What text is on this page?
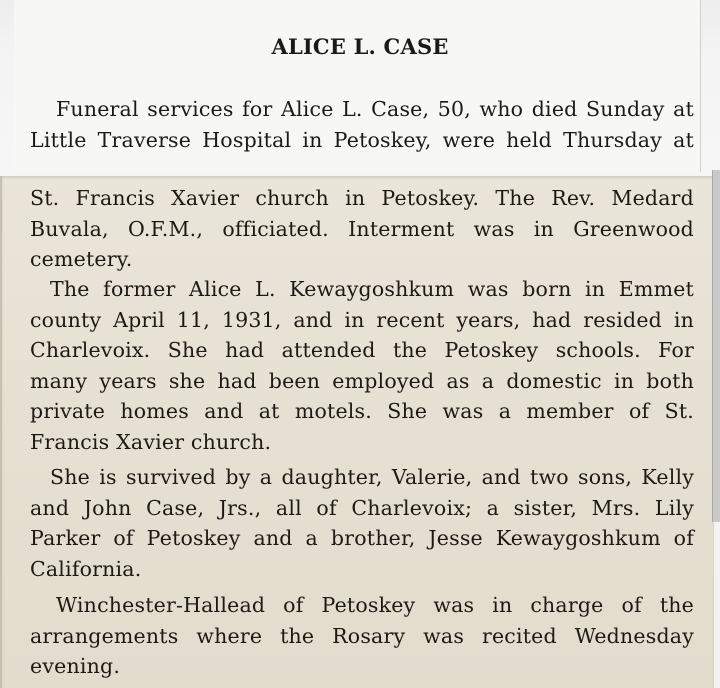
ALICE L. CASE
Funeral services for Alice L. Case, 50, who died Sunday at
Little Traverse Hospital in Petoskey, were held Thursday at
St. Francis Xavier church in Petoskey. The Rev. Medard
Buvala, O.F.M., officiated. Interment was in Greenwood
cemetery.
The former Alice L. Kewaygoshkum was born in Emmet
county April 11, 1931, and in recent years, had resided in
Charlevoix. She had attended the Petoskey schools. For
many years she had been employed as a domestic in both
private homes and at motels. She was a member of St.
Francis Xavier church.
She is survived by a daughter, Valerie, and two sons, Kelly
and John Case, Jrs., all of Charlevoix; a sister, Mrs. Lily
Parker of Petoskey and a brother, Jesse Kewaygoshkum of
California.
Winchester-Hallead of Petoskey was in charge of the
arrangements where the Rosary was recited Wednesday
evening.
